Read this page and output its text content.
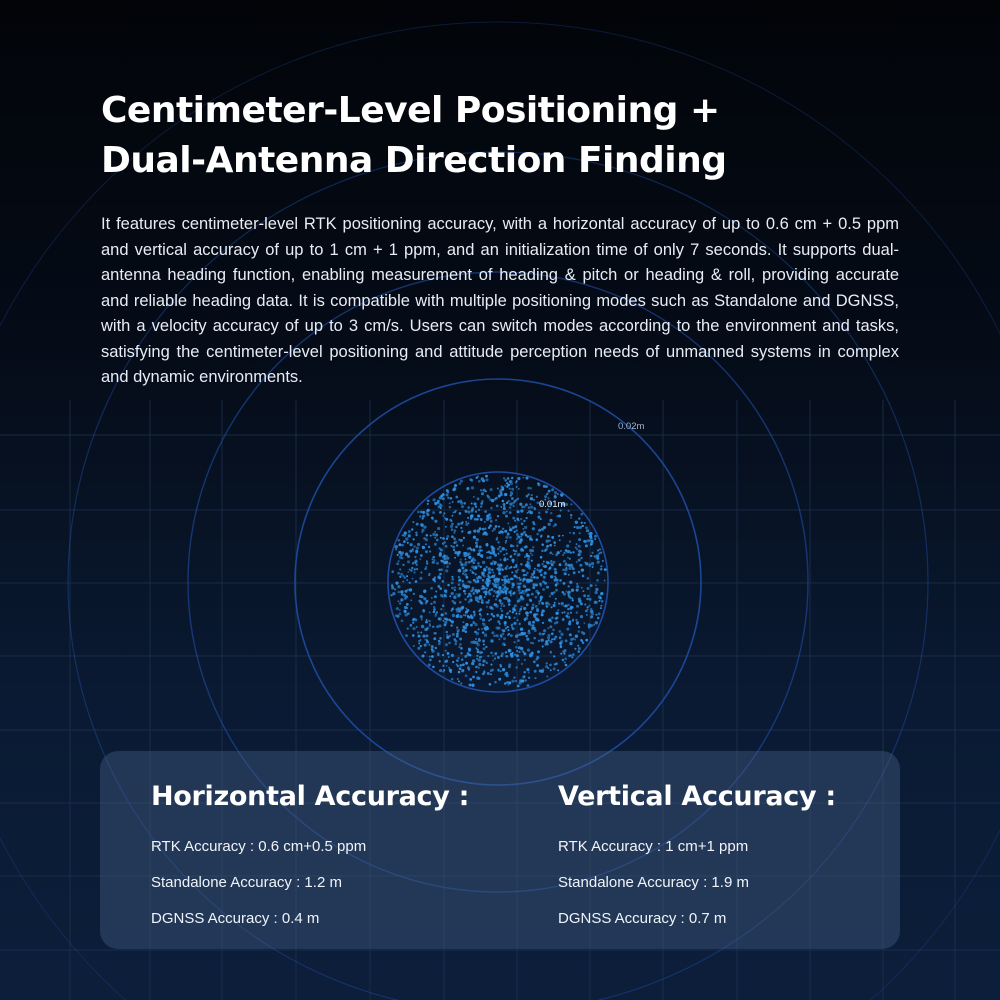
Centimeter-Level Positioning +
Dual-Antenna Direction Finding

It features centimeter-level RTK positioning accuracy, with a horizontal accuracy of up to 0.6 cm + 0.5 ppm and vertical accuracy of up to 1 cm + 1 ppm, and an initialization time of only 7 seconds. It supports dual-antenna heading function, enabling measurement of heading & pitch or heading & roll, providing accurate and reliable heading data. It is compatible with multiple positioning modes such as Standalone and DGNSS, with a velocity accuracy of up to 3 cm/s. Users can switch modes according to the environment and tasks, satisfying the centimeter-level positioning and attitude perception needs of unmanned systems in complex and dynamic environments.

0.01m
0.02m
Horizontal Accuracy :
RTK Accuracy : 0.6 cm+0.5 ppm
Standalone Accuracy : 1.2 m
DGNSS Accuracy : 0.4 m
Vertical Accuracy :
RTK Accuracy : 1 cm+1 ppm
Standalone Accuracy : 1.9 m
DGNSS Accuracy : 0.7 m
